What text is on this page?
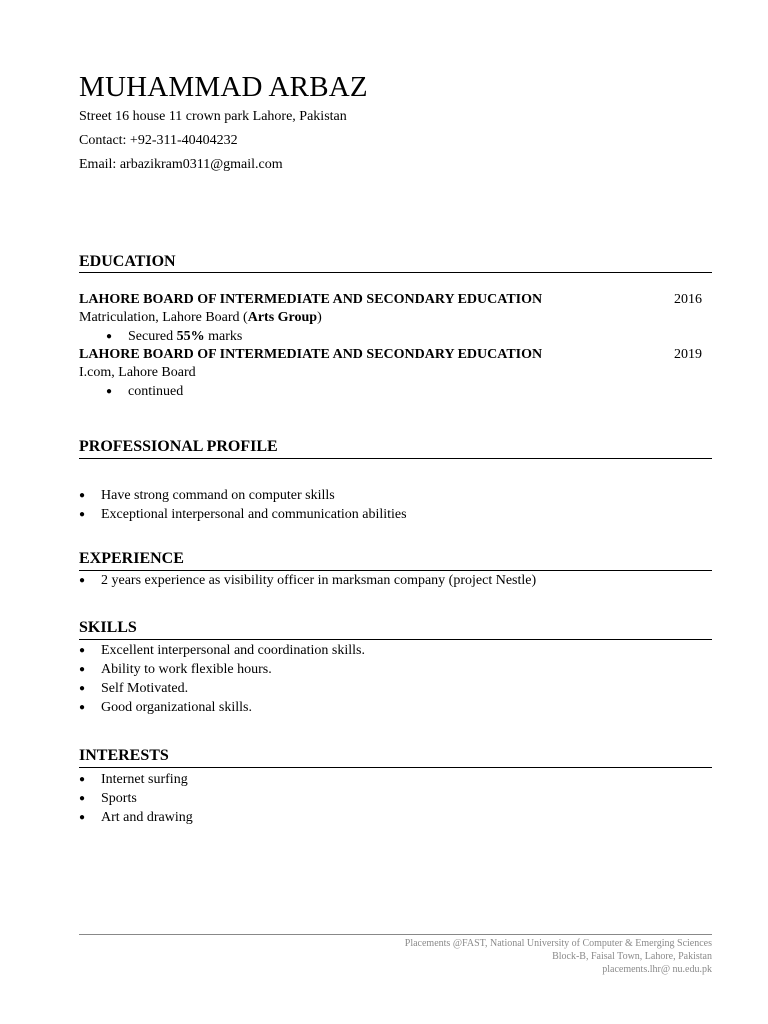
MUHAMMAD ARBAZ
Street 16 house 11 crown park Lahore, Pakistan
Contact: +92-311-40404232
Email: arbazikram0311@gmail.com
EDUCATION
LAHORE BOARD OF INTERMEDIATE AND SECONDARY EDUCATION	2016
Matriculation, Lahore Board (Arts Group)
● Secured 55% marks
LAHORE BOARD OF INTERMEDIATE AND SECONDARY EDUCATION	2019
I.com, Lahore Board
● continued
PROFESSIONAL PROFILE
● Have strong command on computer skills
● Exceptional interpersonal and communication abilities
EXPERIENCE
● 2 years experience as visibility officer in marksman company (project Nestle)
SKILLS
● Excellent interpersonal and coordination skills.
● Ability to work flexible hours.
● Self Motivated.
● Good organizational skills.
INTERESTS
● Internet surfing
● Sports
● Art and drawing
Placements @FAST, National University of Computer & Emerging Sciences
Block-B, Faisal Town, Lahore, Pakistan
placements.lhr@ nu.edu.pk
